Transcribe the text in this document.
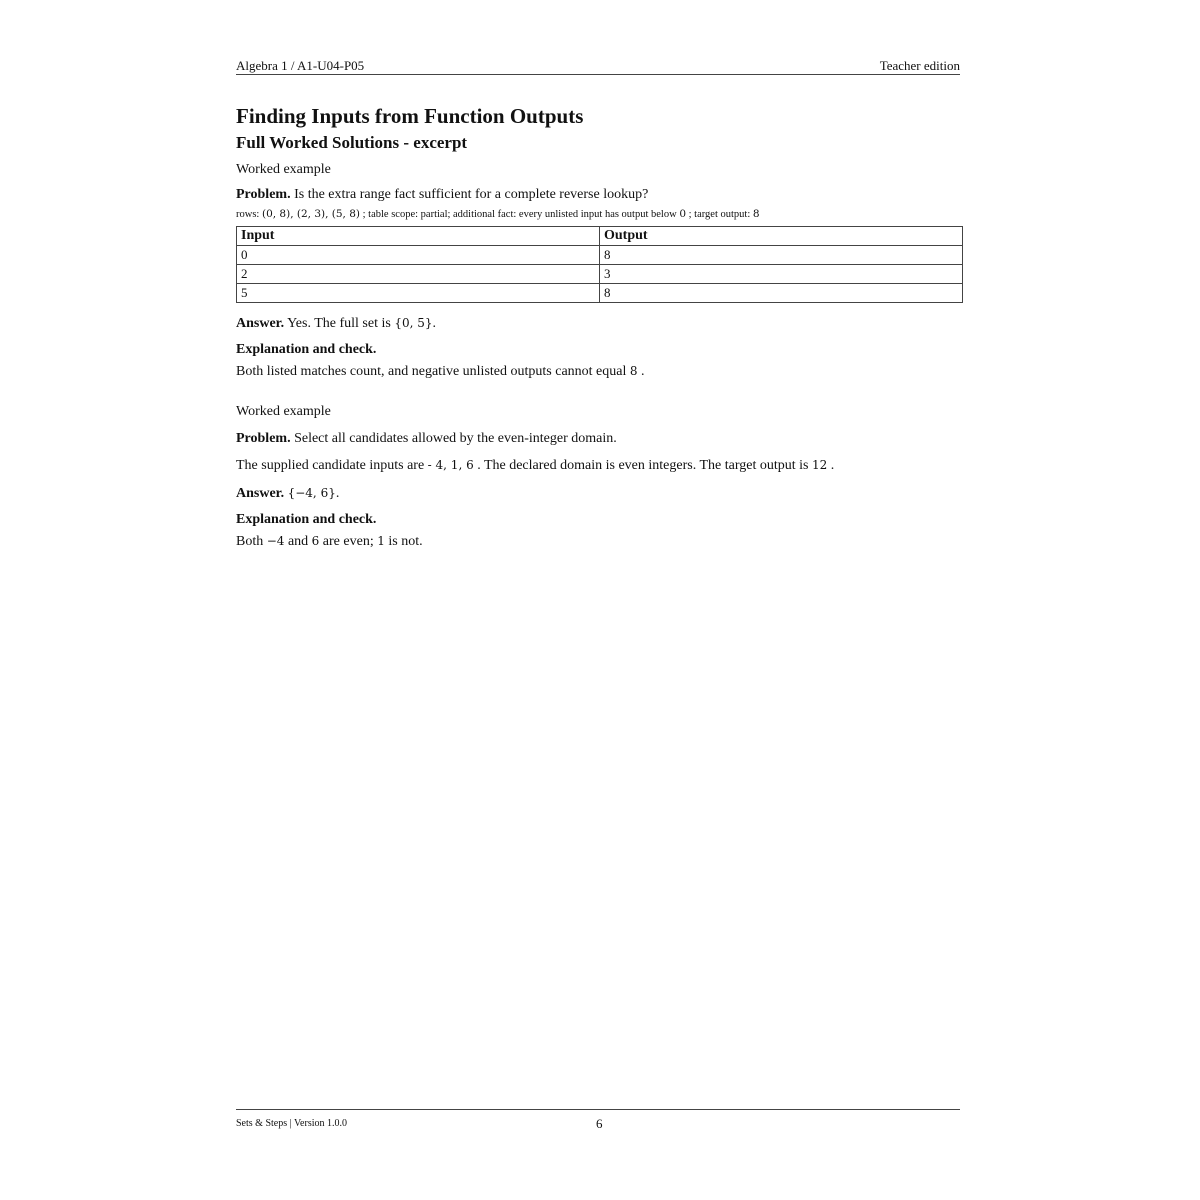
Algebra 1 / A1-U04-P05	Teacher edition
Finding Inputs from Function Outputs
Full Worked Solutions - excerpt
Worked example
Problem. Is the extra range fact sufficient for a complete reverse lookup?
rows: (0, 8), (2, 3), (5, 8) ; table scope: partial; additional fact: every unlisted input has output below 0 ; target output: 8
Input	Output
0	8
2	3
5	8
Answer. Yes. The full set is {0, 5}.
Explanation and check.
Both listed matches count, and negative unlisted outputs cannot equal 8 .
Worked example
Problem. Select all candidates allowed by the even-integer domain.
The supplied candidate inputs are - 4, 1, 6 . The declared domain is even integers. The target output is 12 .
Answer. {−4, 6}.
Explanation and check.
Both −4 and 6 are even; 1 is not.
Sets & Steps | Version 1.0.0	6
